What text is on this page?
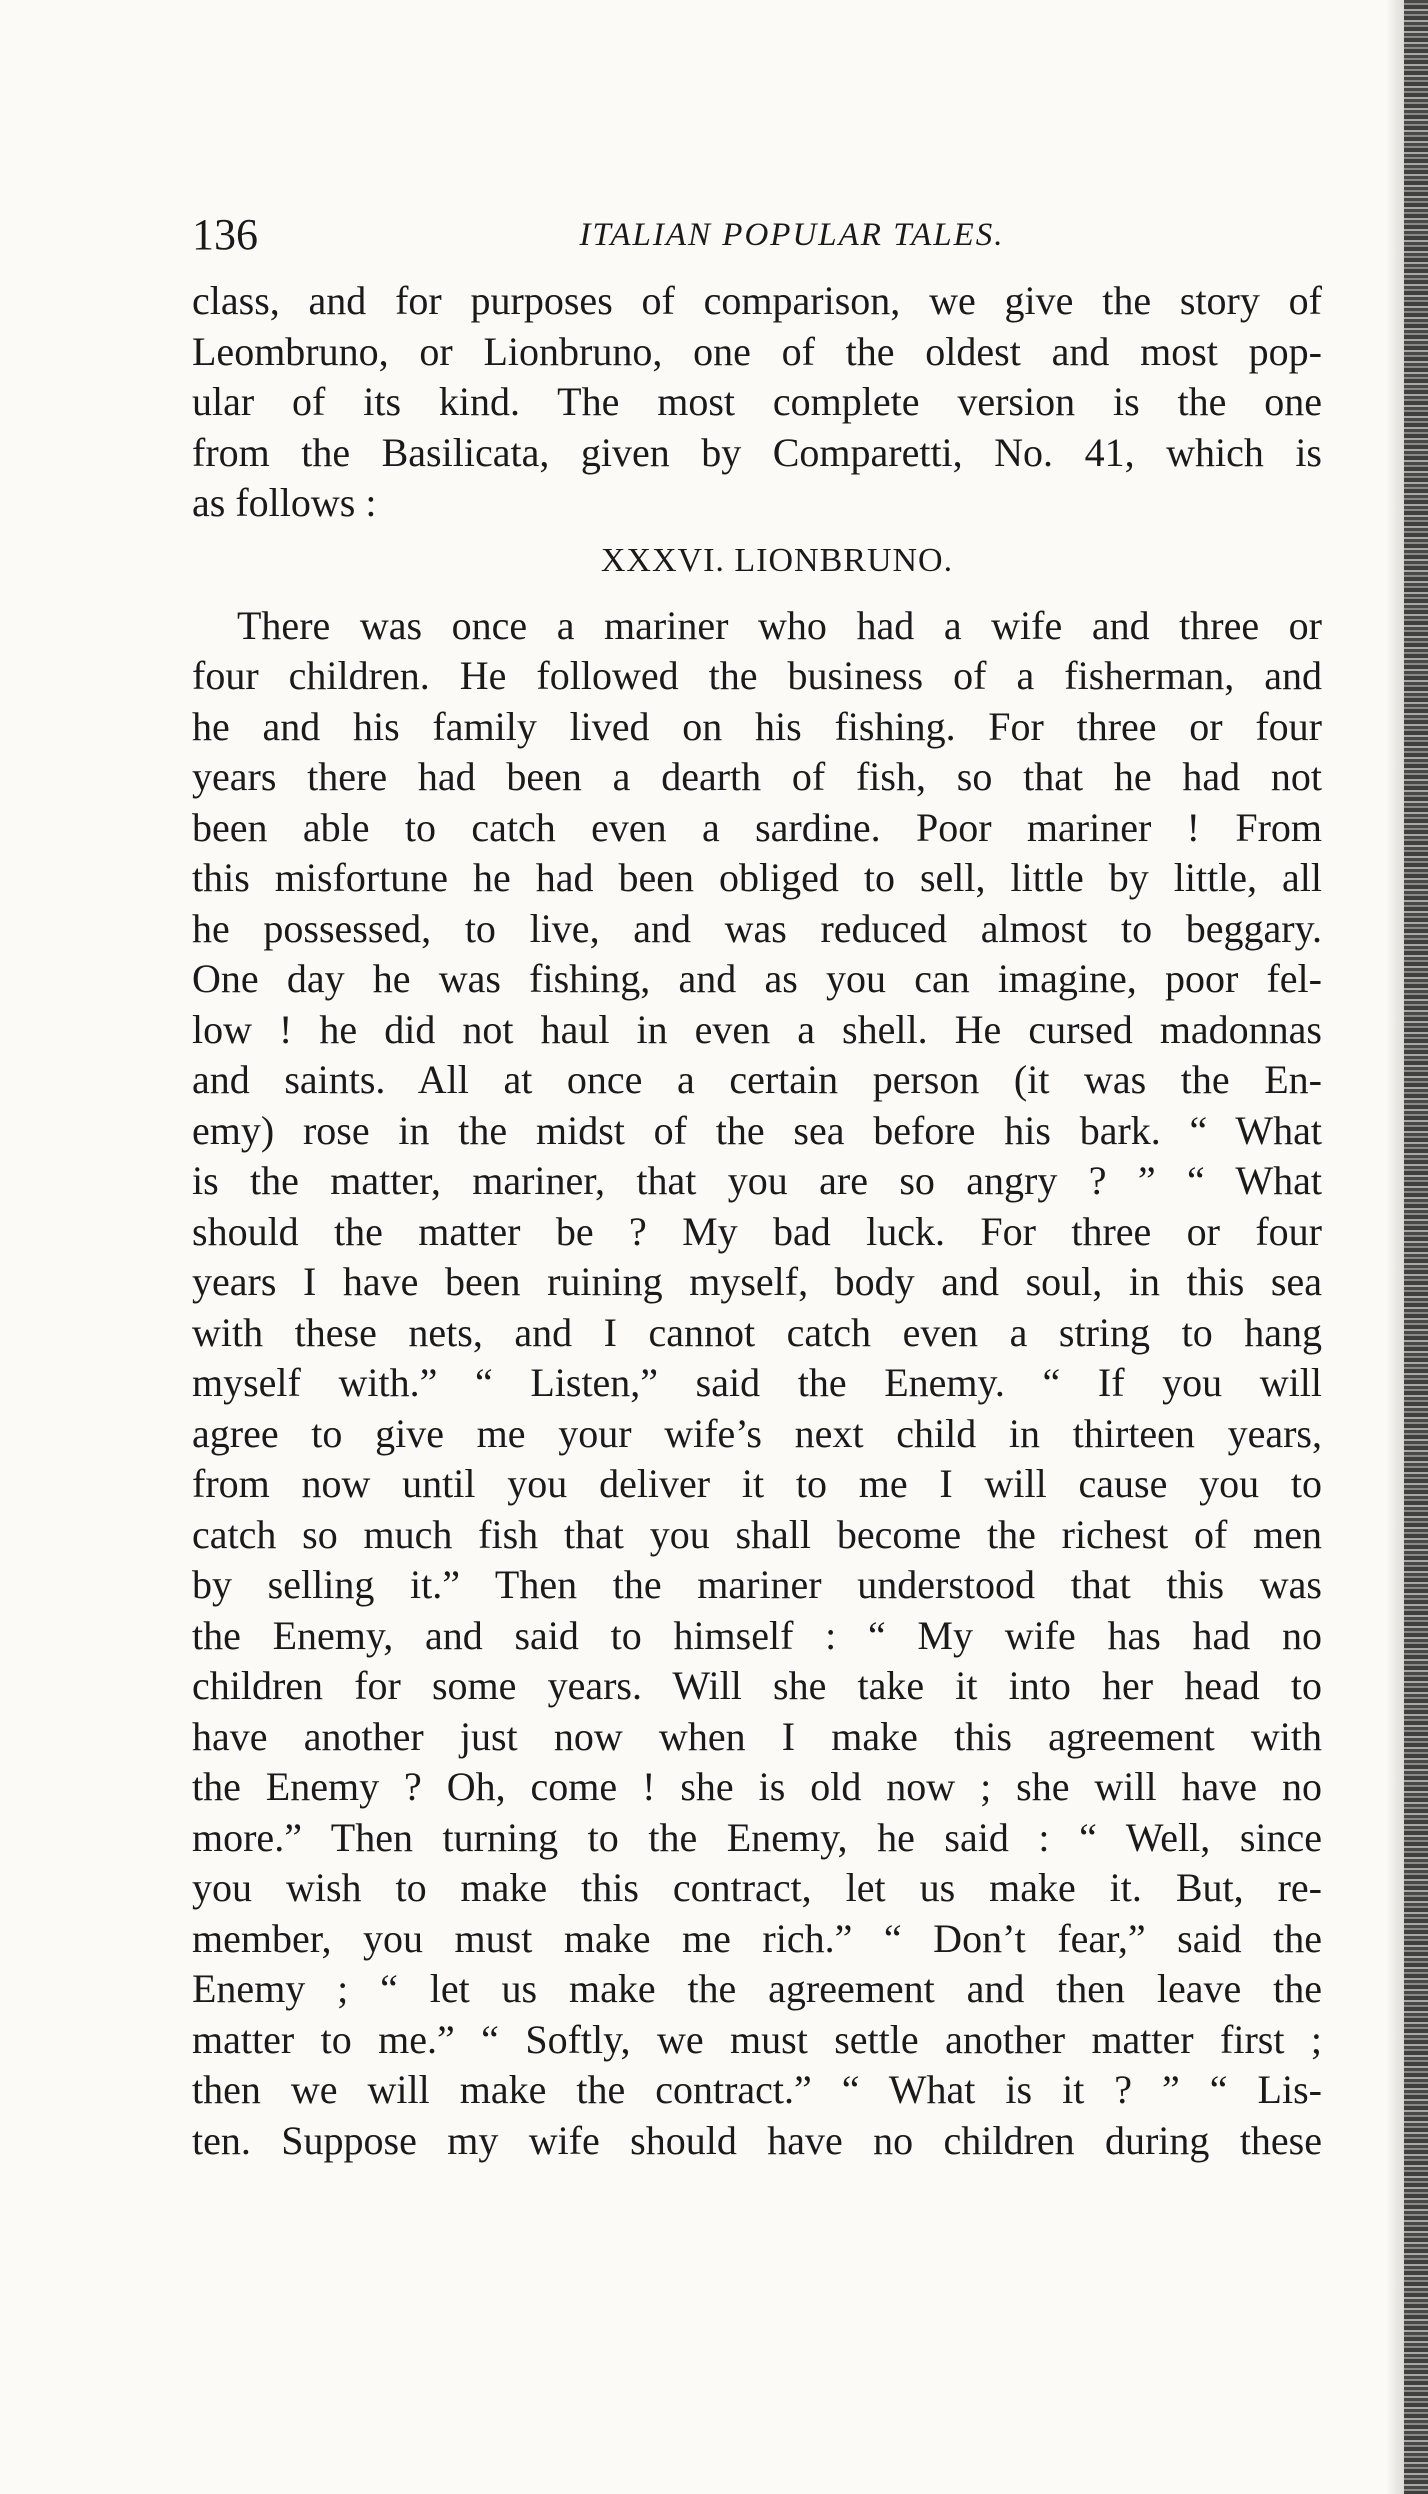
136	ITALIAN POPULAR TALES.
class, and for purposes of comparison, we give the story of
Leombruno, or Lionbruno, one of the oldest and most pop-
ular of its kind. The most complete version is the one
from the Basilicata, given by Comparetti, No. 41, which is
as follows :
XXXVI. LIONBRUNO.
There was once a mariner who had a wife and three or
four children. He followed the business of a fisherman, and
he and his family lived on his fishing. For three or four
years there had been a dearth of fish, so that he had not
been able to catch even a sardine. Poor mariner ! From
this misfortune he had been obliged to sell, little by little, all
he possessed, to live, and was reduced almost to beggary.
One day he was fishing, and as you can imagine, poor fel-
low ! he did not haul in even a shell. He cursed madonnas
and saints. All at once a certain person (it was the En-
emy) rose in the midst of the sea before his bark. “ What
is the matter, mariner, that you are so angry ? ” “ What
should the matter be ? My bad luck. For three or four
years I have been ruining myself, body and soul, in this sea
with these nets, and I cannot catch even a string to hang
myself with.” “ Listen,” said the Enemy. “ If you will
agree to give me your wife’s next child in thirteen years,
from now until you deliver it to me I will cause you to
catch so much fish that you shall become the richest of men
by selling it.” Then the mariner understood that this was
the Enemy, and said to himself : “ My wife has had no
children for some years. Will she take it into her head to
have another just now when I make this agreement with
the Enemy ? Oh, come ! she is old now ; she will have no
more.” Then turning to the Enemy, he said : “ Well, since
you wish to make this contract, let us make it. But, re-
member, you must make me rich.” “ Don’t fear,” said the
Enemy ; “ let us make the agreement and then leave the
matter to me.” “ Softly, we must settle another matter first ;
then we will make the contract.” “ What is it ? ” “ Lis-
ten. Suppose my wife should have no children during these
